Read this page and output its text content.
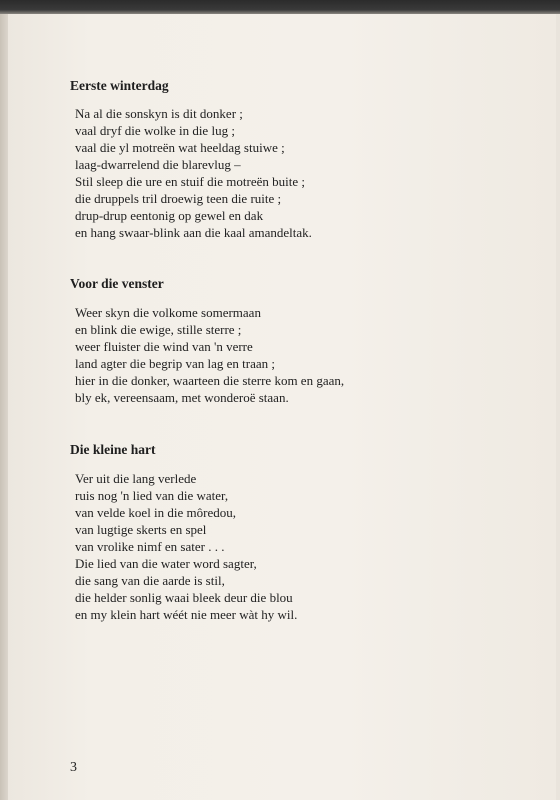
Eerste winterdag
Na al die sonskyn is dit donker ;
vaal dryf die wolke in die lug ;
vaal die yl motreën wat heeldag stuiwe ;
laag-dwarrelend die blarevlug –
Stil sleep die ure en stuif die motreën buite ;
die druppels tril droewig teen die ruite ;
drup-drup eentonig op gewel en dak
en hang swaar-blink aan die kaal amandeltak.
Voor die venster
Weer skyn die volkome somermaan
en blink die ewige, stille sterre ;
weer fluister die wind van 'n verre
land agter die begrip van lag en traan ;
hier in die donker, waarteen die sterre kom en gaan,
bly ek, vereensaam, met wonderoë staan.
Die kleine hart
Ver uit die lang verlede
ruis nog 'n lied van die water,
van velde koel in die môredou,
van lugtige skerts en spel
van vrolike nimf en sater . . .
Die lied van die water word sagter,
die sang van die aarde is stil,
die helder sonlig waai bleek deur die blou
en my klein hart wéét nie meer wàt hy wil.
3
